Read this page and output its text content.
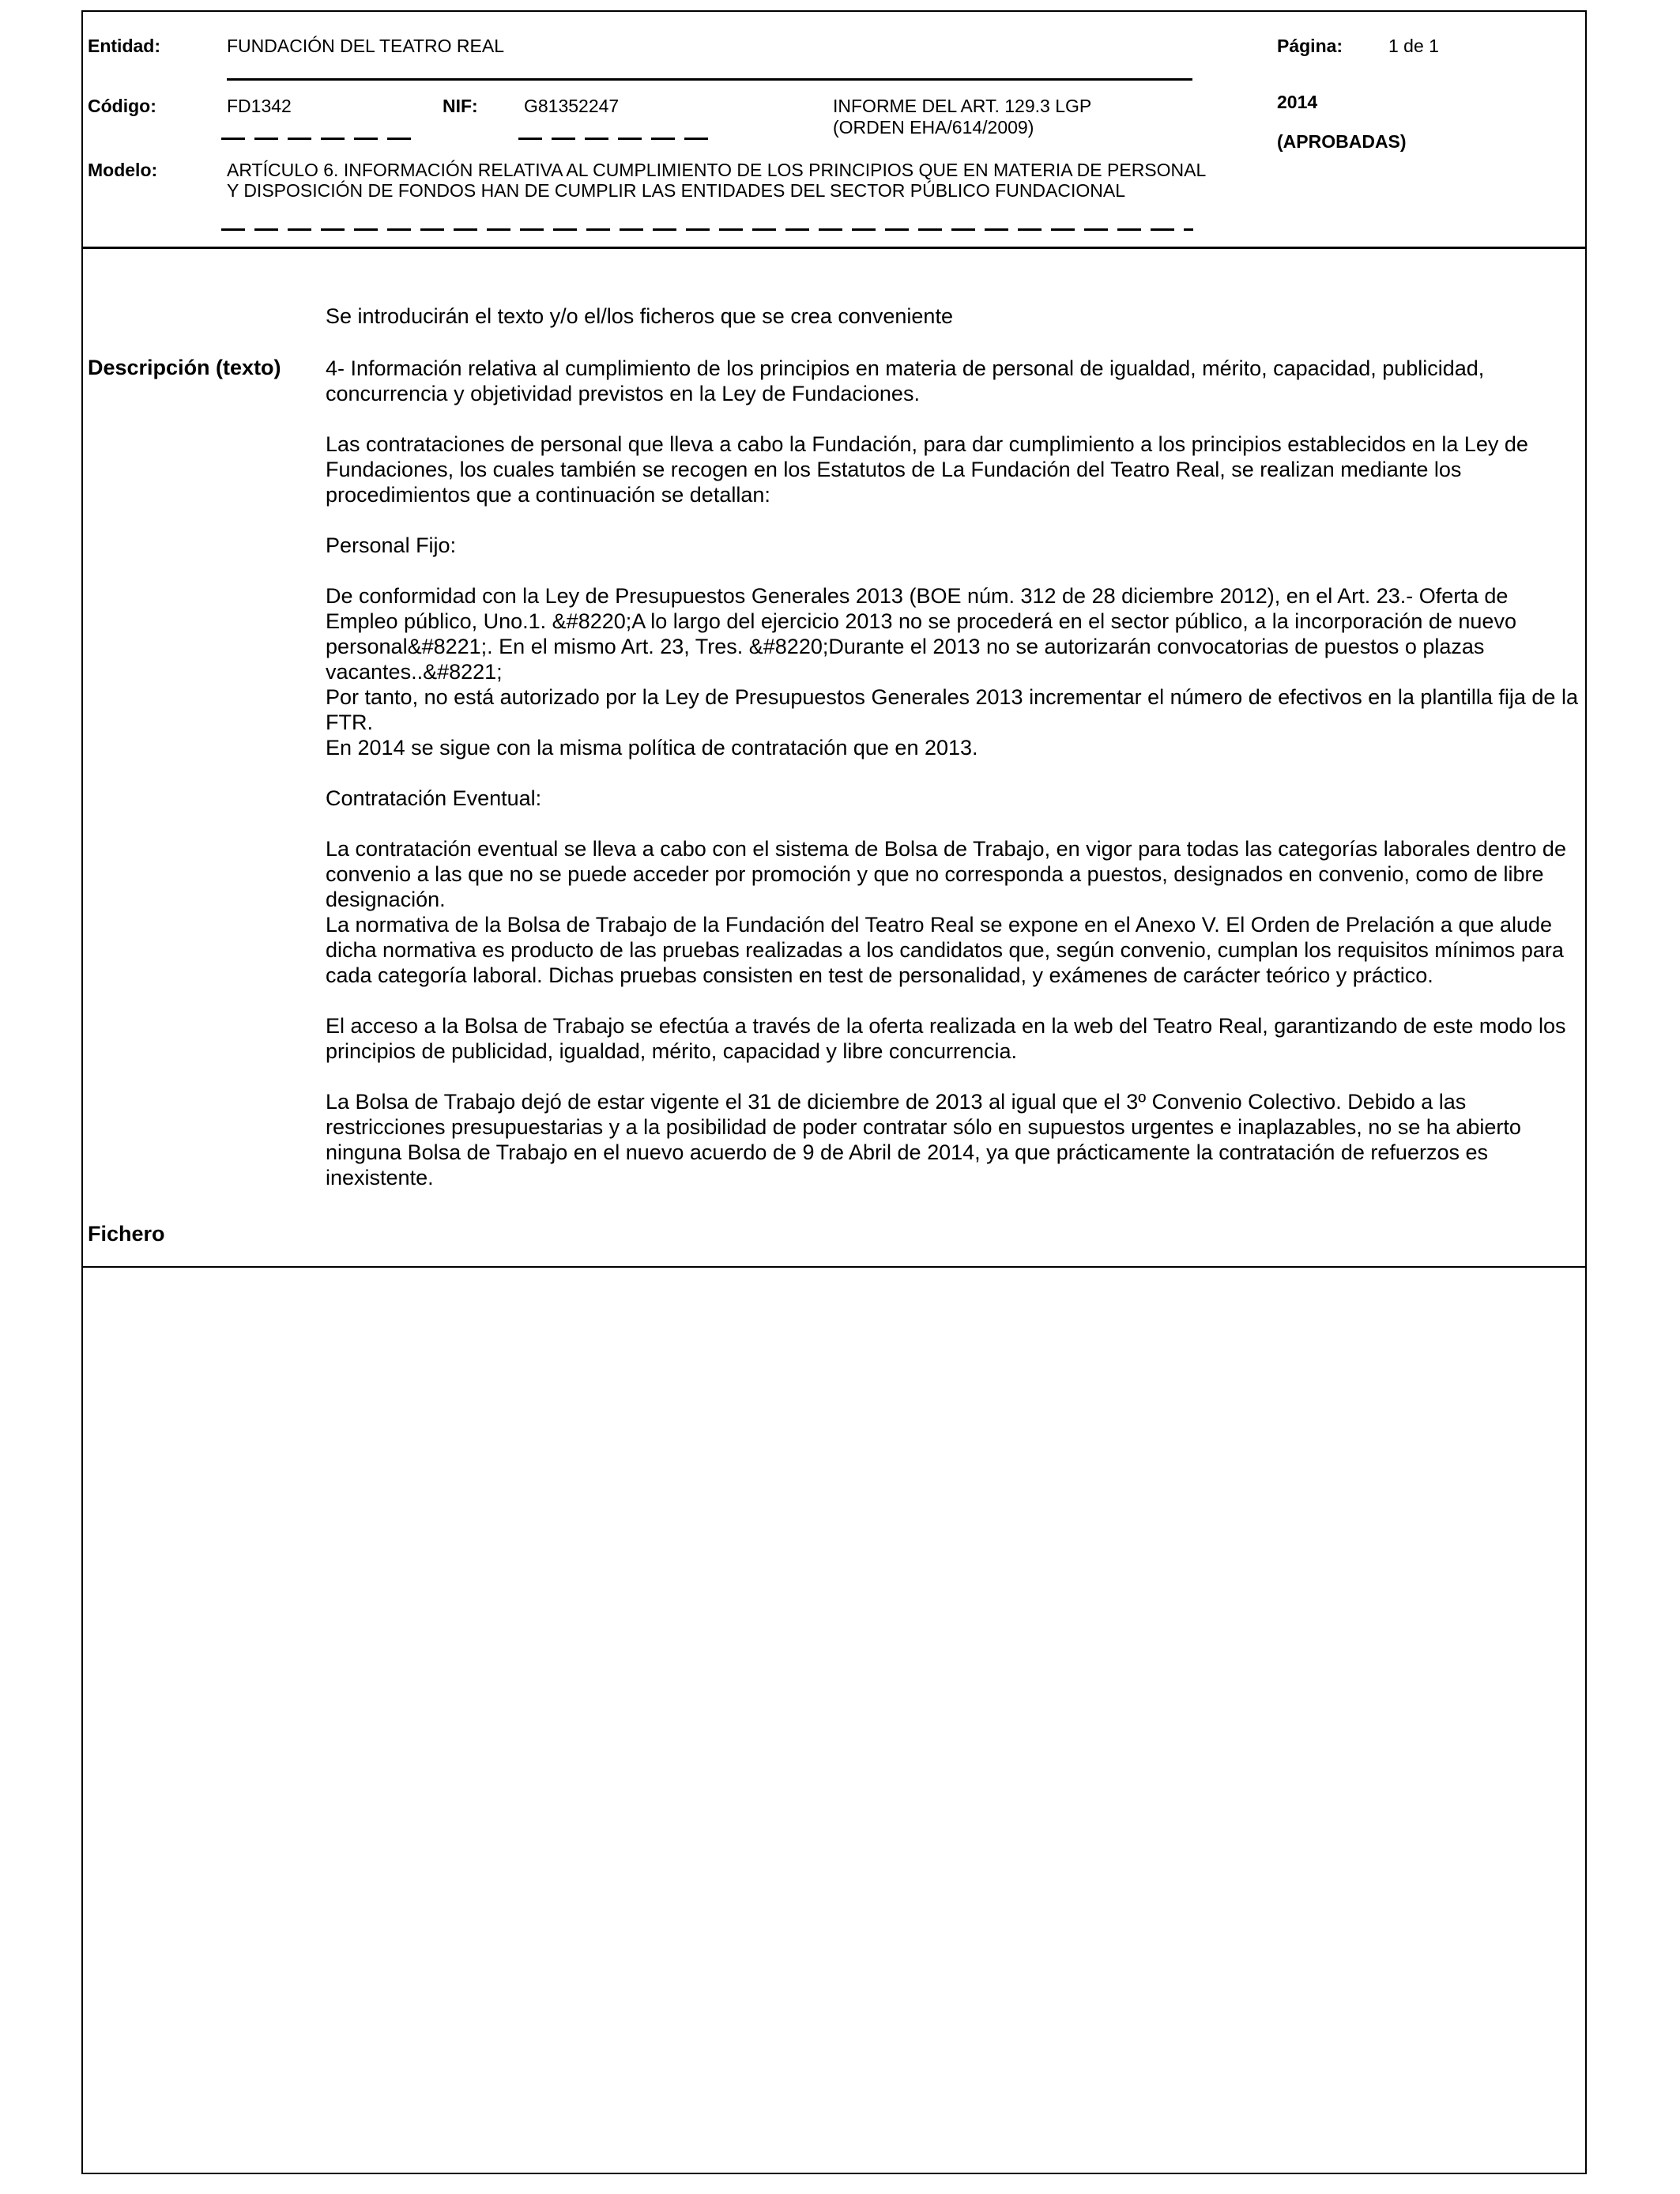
Entidad:	FUNDACIÓN DEL TEATRO REAL	Página:	1 de 1
Código:	FD1342	NIF:	G81352247	INFORME DEL ART. 129.3 LGP
(ORDEN EHA/614/2009)
2014
(APROBADAS)
Modelo:	ARTÍCULO 6. INFORMACIÓN RELATIVA AL CUMPLIMIENTO DE LOS PRINCIPIOS QUE EN MATERIA DE PERSONAL Y DISPOSICIÓN DE FONDOS HAN DE CUMPLIR LAS ENTIDADES DEL SECTOR PÚBLICO FUNDACIONAL
Se introducirán el texto y/o el/los ficheros que se crea conveniente
Descripción (texto) 4- Información relativa al cumplimiento de los principios en materia de personal de igualdad, mérito, capacidad, publicidad, concurrencia y objetividad previstos en la Ley de Fundaciones.

Las contrataciones de personal que lleva a cabo la Fundación, para dar cumplimiento a los principios establecidos en la Ley de Fundaciones, los cuales también se recogen en los Estatutos de La Fundación del Teatro Real, se realizan mediante los procedimientos que a continuación se detallan:

Personal Fijo:

De conformidad con la Ley de Presupuestos Generales 2013 (BOE núm. 312 de 28 diciembre 2012), en el Art. 23.- Oferta de Empleo público, Uno.1. &#8220;A lo largo del ejercicio 2013 no se procederá en el sector público, a la incorporación de nuevo personal&#8221;. En el mismo Art. 23, Tres. &#8220;Durante el 2013 no se autorizarán convocatorias de puestos o plazas vacantes..&#8221;

Por tanto, no está autorizado por la Ley de Presupuestos Generales 2013 incrementar el número de efectivos en la plantilla fija de la FTR.

En 2014 se sigue con la misma política de contratación que en 2013.

Contratación Eventual:

La contratación eventual se lleva a cabo con el sistema de Bolsa de Trabajo, en vigor para todas las categorías laborales dentro de convenio a las que no se puede acceder por promoción y que no corresponda a puestos, designados en convenio, como de libre designación.

La normativa de la Bolsa de Trabajo de la Fundación del Teatro Real se expone en el Anexo V. El Orden de Prelación a que alude dicha normativa es producto de las pruebas realizadas a los candidatos que, según convenio, cumplan los requisitos mínimos para cada categoría laboral. Dichas pruebas consisten en test de personalidad, y exámenes de carácter teórico y práctico.

El acceso a la Bolsa de Trabajo se efectúa a través de la oferta realizada en la web del Teatro Real, garantizando de este modo los principios de publicidad, igualdad, mérito, capacidad y libre concurrencia.

La Bolsa de Trabajo dejó de estar vigente el 31 de diciembre de 2013 al igual que el 3º Convenio Colectivo. Debido a las restricciones presupuestarias y a la posibilidad de poder contratar sólo en supuestos urgentes e inaplazables, no se ha abierto ninguna Bolsa de Trabajo en el nuevo acuerdo de 9 de Abril de 2014, ya que prácticamente la contratación de refuerzos es inexistente.

Fichero
